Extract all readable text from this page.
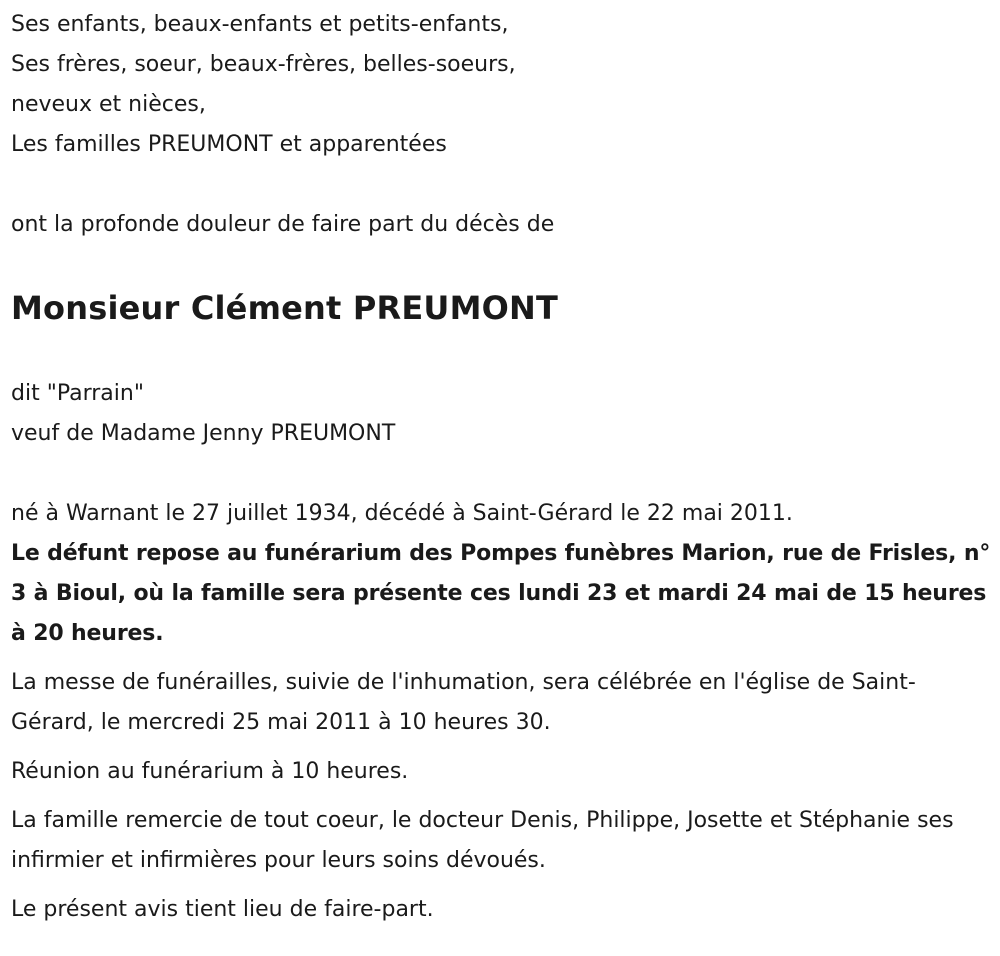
Ses enfants, beaux-enfants et petits-enfants,

Ses frères, soeur, beaux-frères, belles-soeurs,

neveux et nièces,

Les familles PREUMONT et apparentées

ont la profonde douleur de faire part du décès de

Monsieur Clément PREUMONT

dit "Parrain"

veuf de Madame Jenny PREUMONT

né à Warnant le 27 juillet 1934, décédé à Saint-Gérard le 22 mai 2011.

Le défunt repose au funérarium des Pompes funèbres Marion, rue de Frisles, n° 3 à Bioul, où la famille sera présente ces lundi 23 et mardi 24 mai de 15 heures à 20 heures.

La messe de funérailles, suivie de l'inhumation, sera célébrée en l'église de Saint-Gérard, le mercredi 25 mai 2011 à 10 heures 30.

Réunion au funérarium à 10 heures.

La famille remercie de tout coeur, le docteur Denis, Philippe, Josette et Stéphanie ses infirmier et infirmières pour leurs soins dévoués.

Le présent avis tient lieu de faire-part.
